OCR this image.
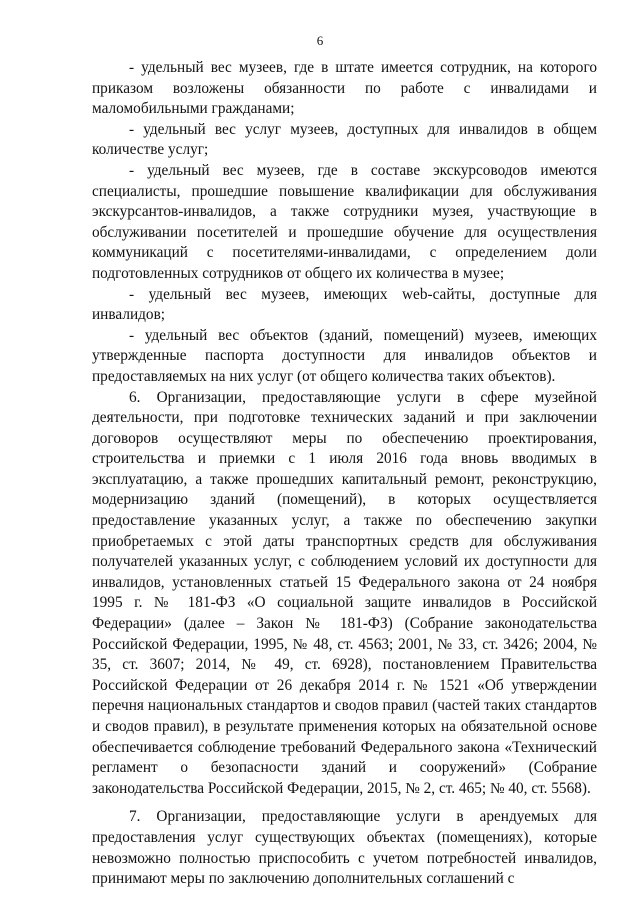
6

- удельный вес музеев, где в штате имеется сотрудник, на которого приказом возложены обязанности по работе с инвалидами и маломобильными гражданами;

- удельный вес услуг музеев, доступных для инвалидов в общем количестве услуг;

- удельный вес музеев, где в составе экскурсоводов имеются специалисты, прошедшие повышение квалификации для обслуживания экскурсантов-инвалидов, а также сотрудники музея, участвующие в обслуживании посетителей и прошедшие обучение для осуществления коммуникаций с посетителями-инвалидами, с определением доли подготовленных сотрудников от общего их количества в музее;

- удельный вес музеев, имеющих web-сайты, доступные для инвалидов;

- удельный вес объектов (зданий, помещений) музеев, имеющих утвержденные паспорта доступности для инвалидов объектов и предоставляемых на них услуг (от общего количества таких объектов).

6. Организации, предоставляющие услуги в сфере музейной деятельности, при подготовке технических заданий и при заключении договоров осуществляют меры по обеспечению проектирования, строительства и приемки с 1 июля 2016 года вновь вводимых в эксплуатацию, а также прошедших капитальный ремонт, реконструкцию, модернизацию зданий (помещений), в которых осуществляется предоставление указанных услуг, а также по обеспечению закупки приобретаемых с этой даты транспортных средств для обслуживания получателей указанных услуг, с соблюдением условий их доступности для инвалидов, установленных статьей 15 Федерального закона от 24 ноября 1995 г. № 181-ФЗ «О социальной защите инвалидов в Российской Федерации» (далее – Закон № 181-ФЗ) (Собрание законодательства Российской Федерации, 1995, № 48, ст. 4563; 2001, № 33, ст. 3426; 2004, № 35, ст. 3607; 2014, № 49, ст. 6928), постановлением Правительства Российской Федерации от 26 декабря 2014 г. № 1521 «Об утверждении перечня национальных стандартов и сводов правил (частей таких стандартов и сводов правил), в результате применения которых на обязательной основе обеспечивается соблюдение требований Федерального закона «Технический регламент о безопасности зданий и сооружений» (Собрание законодательства Российской Федерации, 2015, № 2, ст. 465; № 40, ст. 5568).

7. Организации, предоставляющие услуги в арендуемых для предоставления услуг существующих объектах (помещениях), которые невозможно полностью приспособить с учетом потребностей инвалидов, принимают меры по заключению дополнительных соглашений с
